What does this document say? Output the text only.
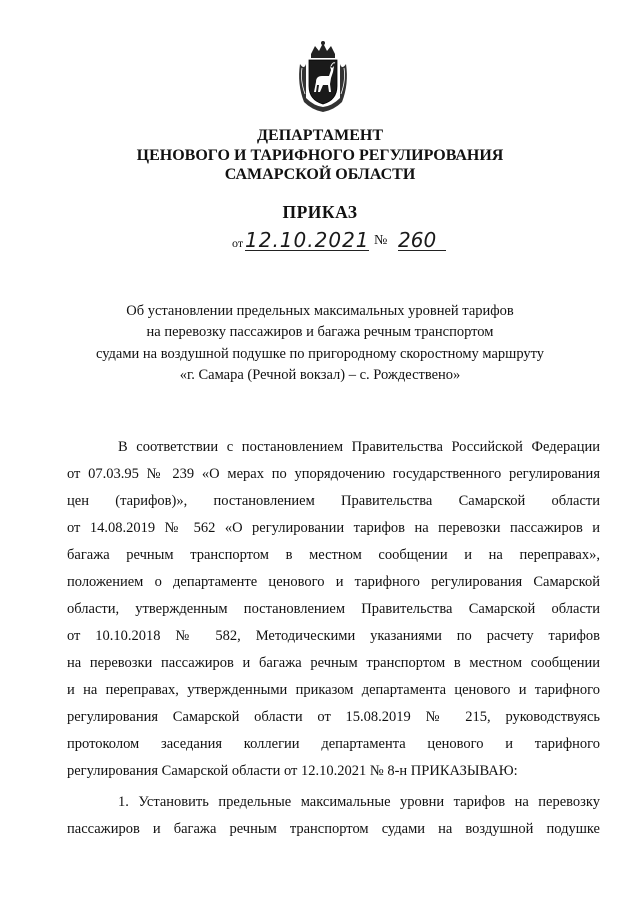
ДЕПАРТАМЕНТ
ЦЕНОВОГО И ТАРИФНОГО РЕГУЛИРОВАНИЯ
САМАРСКОЙ ОБЛАСТИ
ПРИКАЗ
от 12.10.2021 № 260
Об установлении предельных максимальных уровней тарифов
на перевозку пассажиров и багажа речным транспортом
судами на воздушной подушке по пригородному скоростному маршруту
«г. Самара (Речной вокзал) – с. Рождествено»
В соответствии с постановлением Правительства Российской Федерации
от 07.03.95 № 239 «О мерах по упорядочению государственного регулирования
цен (тарифов)», постановлением Правительства Самарской области
от 14.08.2019 № 562 «О регулировании тарифов на перевозки пассажиров и
багажа речным транспортом в местном сообщении и на переправах»,
положением о департаменте ценового и тарифного регулирования Самарской
области, утвержденным постановлением Правительства Самарской области
от 10.10.2018 № 582, Методическими указаниями по расчету тарифов
на перевозки пассажиров и багажа речным транспортом в местном сообщении
и на переправах, утвержденными приказом департамента ценового и тарифного
регулирования Самарской области от 15.08.2019 № 215, руководствуясь
протоколом заседания коллегии департамента ценового и тарифного
регулирования Самарской области от 12.10.2021 № 8-н ПРИКАЗЫВАЮ:
1. Установить предельные максимальные уровни тарифов на перевозку
пассажиров и багажа речным транспортом судами на воздушной подушке
